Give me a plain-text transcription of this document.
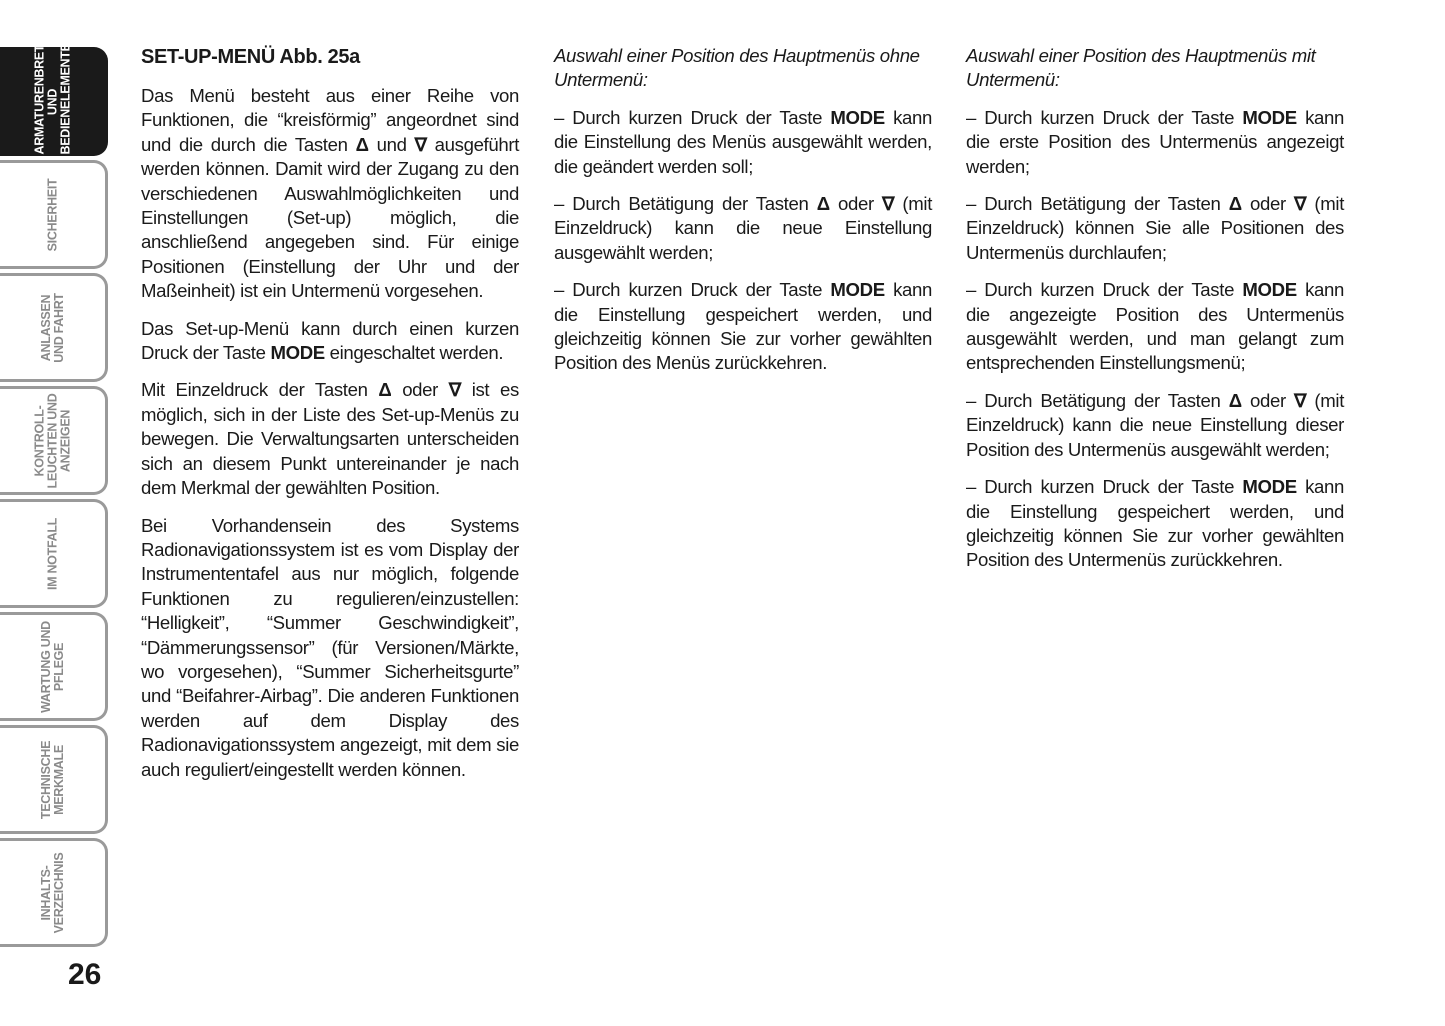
ARMATURENBRETT
UND
BEDIENELEMENTE
SICHERHEIT
ANLASSEN
UND FAHRT
KONTROLL-
LEUCHTEN UND
ANZEIGEN
IM NOTFALL
WARTUNG UND
PFLEGE
TECHNISCHE
MERKMALE
INHALTS-
VERZEICHNIS
26
SET-UP-MENÜ Abb. 25a

Das Menü besteht aus einer Reihe von Funktionen, die “kreisförmig” angeordnet sind und die durch die Tasten Δ und ∇ ausgeführt werden können. Damit wird der Zugang zu den verschiedenen Auswahlmöglichkeiten und Einstellungen (Set-up) möglich, die anschließend angegeben sind. Für einige Positionen (Einstellung der Uhr und der Maßeinheit) ist ein Untermenü vorgesehen.

Das Set-up-Menü kann durch einen kurzen Druck der Taste MODE eingeschaltet werden.

Mit Einzeldruck der Tasten Δ oder ∇ ist es möglich, sich in der Liste des Set-up-Menüs zu bewegen. Die Verwaltungsarten unterscheiden sich an diesem Punkt untereinander je nach dem Merkmal der gewählten Position.

Bei Vorhandensein des Systems Radionavigationssystem ist es vom Display der Instrumententafel aus nur möglich, folgende Funktionen zu regulieren/einzustellen: “Helligkeit”, “Summer Geschwindigkeit”, “Dämmerungssensor” (für Versionen/Märkte, wo vorgesehen), “Summer Sicherheitsgurte” und “Beifahrer-Airbag”. Die anderen Funktionen werden auf dem Display des Radionavigationssystem angezeigt, mit dem sie auch reguliert/eingestellt werden können.

Auswahl einer Position des Hauptmenüs ohne Untermenü:

– Durch kurzen Druck der Taste MODE kann die Einstellung des Menüs ausgewählt werden, die geändert werden soll;

– Durch Betätigung der Tasten Δ oder ∇ (mit Einzeldruck) kann die neue Einstellung ausgewählt werden;

– Durch kurzen Druck der Taste MODE kann die Einstellung gespeichert werden, und gleichzeitig können Sie zur vorher gewählten Position des Menüs zurückkehren.

Auswahl einer Position des Hauptmenüs mit Untermenü:

– Durch kurzen Druck der Taste MODE kann die erste Position des Untermenüs angezeigt werden;

– Durch Betätigung der Tasten Δ oder ∇ (mit Einzeldruck) können Sie alle Positionen des Untermenüs durchlaufen;

– Durch kurzen Druck der Taste MODE kann die angezeigte Position des Untermenüs ausgewählt werden, und man gelangt zum entsprechenden Einstellungsmenü;

– Durch Betätigung der Tasten Δ oder ∇ (mit Einzeldruck) kann die neue Einstellung dieser Position des Untermenüs ausgewählt werden;

– Durch kurzen Druck der Taste MODE kann die Einstellung gespeichert werden, und gleichzeitig können Sie zur vorher gewählten Position des Untermenüs zurückkehren.
